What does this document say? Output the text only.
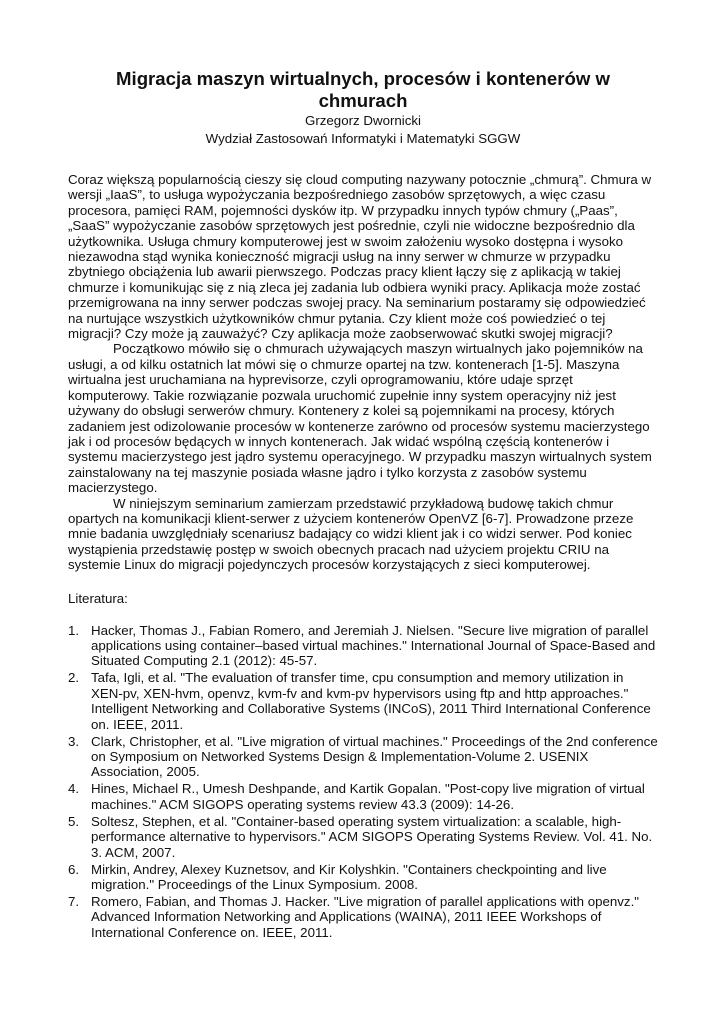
Migracja maszyn wirtualnych, procesów i kontenerów w chmurach
Grzegorz Dwornicki
Wydział Zastosowań Informatyki i Matematyki SGGW

Coraz większą popularnością cieszy się cloud computing nazywany potocznie „chmurą”. Chmura w wersji „IaaS”, to usługa wypożyczania bezpośredniego zasobów sprzętowych, a więc czasu procesora, pamięci RAM, pojemności dysków itp. W przypadku innych typów chmury („Paas”, „SaaS” wypożyczanie zasobów sprzętowych jest pośrednie, czyli nie widoczne bezpośrednio dla użytkownika. Usługa chmury komputerowej jest w swoim założeniu wysoko dostępna i wysoko niezawodna stąd wynika konieczność migracji usług na inny serwer w chmurze w przypadku zbytniego obciążenia lub awarii pierwszego. Podczas pracy klient łączy się z aplikacją w takiej chmurze i komunikując się z nią zleca jej zadania lub odbiera wyniki pracy. Aplikacja może zostać przemigrowana na inny serwer podczas swojej pracy. Na seminarium postaramy się odpowiedzieć na nurtujące wszystkich użytkowników chmur pytania. Czy klient może coś powiedzieć o tej migracji? Czy może ją zauważyć? Czy aplikacja może zaobserwować skutki swojej migracji?

Początkowo mówiło się o chmurach używających maszyn wirtualnych jako pojemników na usługi, a od kilku ostatnich lat mówi się o chmurze opartej na tzw. kontenerach [1-5]. Maszyna wirtualna jest uruchamiana na hyprevisorze, czyli oprogramowaniu, które udaje sprzęt komputerowy. Takie rozwiązanie pozwala uruchomić zupełnie inny system operacyjny niż jest używany do obsługi serwerów chmury. Kontenery z kolei są pojemnikami na procesy, których zadaniem jest odizolowanie procesów w kontenerze zarówno od procesów systemu macierzystego jak i od procesów będących w innych kontenerach. Jak widać wspólną częścią kontenerów i systemu macierzystego jest jądro systemu operacyjnego. W przypadku maszyn wirtualnych system zainstalowany na tej maszynie posiada własne jądro i tylko korzysta z zasobów systemu macierzystego.

W niniejszym seminarium zamierzam przedstawić przykładową budowę takich chmur opartych na komunikacji klient-serwer z użyciem kontenerów OpenVZ [6-7]. Prowadzone przeze mnie badania uwzględniały scenariusz badający co widzi klient jak i co widzi serwer. Pod koniec wystąpienia przedstawię postęp w swoich obecnych pracach nad użyciem projektu CRIU na systemie Linux do migracji pojedynczych procesów korzystających z sieci komputerowej.

Literatura:
1. Hacker, Thomas J., Fabian Romero, and Jeremiah J. Nielsen. "Secure live migration of parallel applications using container–based virtual machines." International Journal of Space-Based and Situated Computing 2.1 (2012): 45-57.
2. Tafa, Igli, et al. "The evaluation of transfer time, cpu consumption and memory utilization in XEN-pv, XEN-hvm, openvz, kvm-fv and kvm-pv hypervisors using ftp and http approaches." Intelligent Networking and Collaborative Systems (INCoS), 2011 Third International Conference on. IEEE, 2011.
3. Clark, Christopher, et al. "Live migration of virtual machines." Proceedings of the 2nd conference on Symposium on Networked Systems Design & Implementation-Volume 2. USENIX Association, 2005.
4. Hines, Michael R., Umesh Deshpande, and Kartik Gopalan. "Post-copy live migration of virtual machines." ACM SIGOPS operating systems review 43.3 (2009): 14-26.
5. Soltesz, Stephen, et al. "Container-based operating system virtualization: a scalable, high-performance alternative to hypervisors." ACM SIGOPS Operating Systems Review. Vol. 41. No. 3. ACM, 2007.
6. Mirkin, Andrey, Alexey Kuznetsov, and Kir Kolyshkin. "Containers checkpointing and live migration." Proceedings of the Linux Symposium. 2008.
7. Romero, Fabian, and Thomas J. Hacker. "Live migration of parallel applications with openvz." Advanced Information Networking and Applications (WAINA), 2011 IEEE Workshops of International Conference on. IEEE, 2011.
